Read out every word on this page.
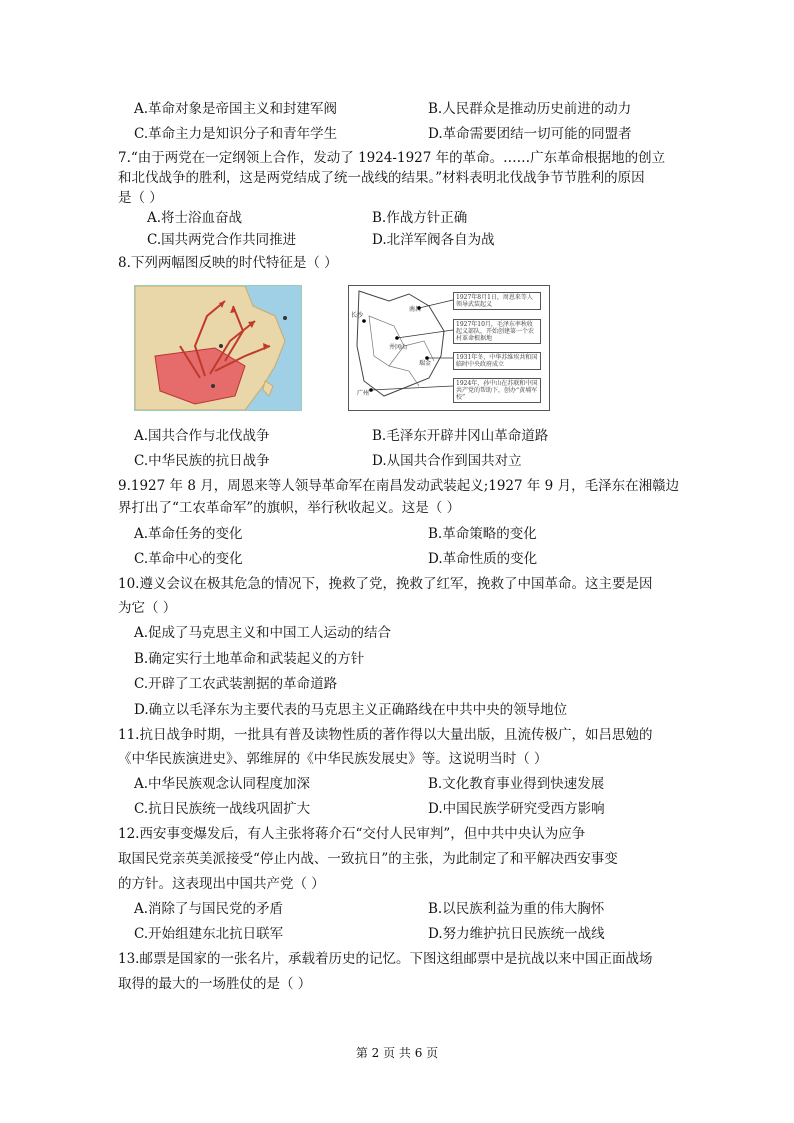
A.革命对象是帝国主义和封建军阀	B.人民群众是推动历史前进的动力
C.革命主力是知识分子和青年学生	D.革命需要团结一切可能的同盟者
7.“由于两党在一定纲领上合作，发动了 1924-1927 年的革命。……广东革命根据地的创立
和北伐战争的胜利，这是两党结成了统一战线的结果。”材料表明北伐战争节节胜利的原因
是（ ）
A.将士浴血奋战	B.作战方针正确
C.国共两党合作共同推进	D.北洋军阀各自为战
8.下列两幅图反映的时代特征是（ ）
长沙
南昌
井冈山
瑞金
广州
1927年8月1日，周恩来等人领导武装起义
1927年10月，毛泽东率秋收起义部队，开始创建第一个农村革命根据地
1931年冬，中华苏维埃共和国临时中央政府成立
1924年，孙中山在苏联和中国共产党的帮助下，创办“黄埔军校”
A.国共合作与北伐战争	B.毛泽东开辟井冈山革命道路
C.中华民族的抗日战争	D.从国共合作到国共对立
9.1927 年 8 月，周恩来等人领导革命军在南昌发动武装起义;1927 年 9 月，毛泽东在湘赣边
界打出了“工农革命军”的旗帜，举行秋收起义。这是（ ）
A.革命任务的变化	B.革命策略的变化
C.革命中心的变化	D.革命性质的变化
10.遵义会议在极其危急的情况下，挽救了党，挽救了红军，挽救了中国革命。这主要是因
为它（ ）
A.促成了马克思主义和中国工人运动的结合
B.确定实行土地革命和武装起义的方针
C.开辟了工农武装割据的革命道路
D.确立以毛泽东为主要代表的马克思主义正确路线在中共中央的领导地位
11.抗日战争时期，一批具有普及读物性质的著作得以大量出版，且流传极广，如吕思勉的
《中华民族演进史》、郭维屏的《中华民族发展史》等。这说明当时（ ）
A.中华民族观念认同程度加深	B.文化教育事业得到快速发展
C.抗日民族统一战线巩固扩大	D.中国民族学研究受西方影响
12.西安事变爆发后，有人主张将蒋介石“交付人民审判”，但中共中央认为应争
取国民党亲英美派接受“停止内战、一致抗日”的主张，为此制定了和平解决西安事变
的方针。这表现出中国共产党（ ）
A.消除了与国民党的矛盾	B.以民族利益为重的伟大胸怀
C.开始组建东北抗日联军	D.努力维护抗日民族统一战线
13.邮票是国家的一张名片，承载着历史的记忆。下图这组邮票中是抗战以来中国正面战场
取得的最大的一场胜仗的是（ ）
第 2 页 共 6 页
